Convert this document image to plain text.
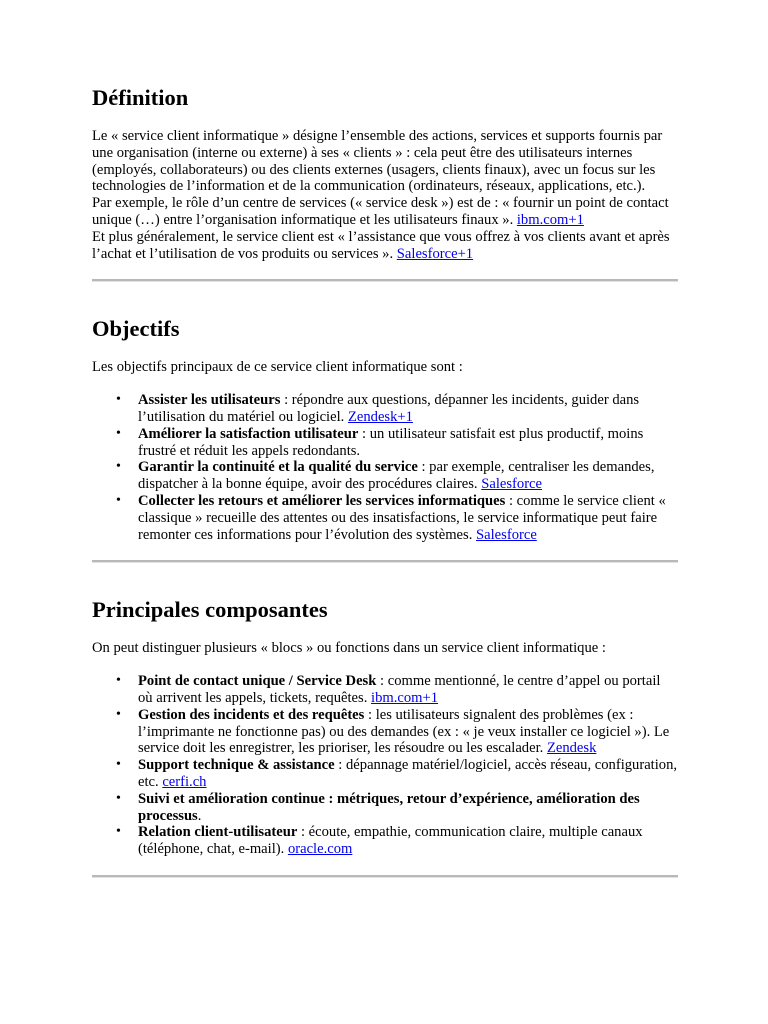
Définition

Le « service client informatique » désigne l’ensemble des actions, services et supports fournis par une organisation (interne ou externe) à ses « clients » : cela peut être des utilisateurs internes (employés, collaborateurs) ou des clients externes (usagers, clients finaux), avec un focus sur les technologies de l’information et de la communication (ordinateurs, réseaux, applications, etc.).
Par exemple, le rôle d’un centre de services (« service desk ») est de : « fournir un point de contact unique (…) entre l’organisation informatique et les utilisateurs finaux ». ibm.com+1
Et plus généralement, le service client est « l’assistance que vous offrez à vos clients avant et après l’achat et l’utilisation de vos produits ou services ». Salesforce+1

Objectifs

Les objectifs principaux de ce service client informatique sont :

• Assister les utilisateurs : répondre aux questions, dépanner les incidents, guider dans l’utilisation du matériel ou logiciel. Zendesk+1
• Améliorer la satisfaction utilisateur : un utilisateur satisfait est plus productif, moins frustré et réduit les appels redondants.
• Garantir la continuité et la qualité du service : par exemple, centraliser les demandes, dispatcher à la bonne équipe, avoir des procédures claires. Salesforce
• Collecter les retours et améliorer les services informatiques : comme le service client « classique » recueille des attentes ou des insatisfactions, le service informatique peut faire remonter ces informations pour l’évolution des systèmes. Salesforce
Principales composantes

On peut distinguer plusieurs « blocs » ou fonctions dans un service client informatique :

• Point de contact unique / Service Desk : comme mentionné, le centre d’appel ou portail où arrivent les appels, tickets, requêtes. ibm.com+1
• Gestion des incidents et des requêtes : les utilisateurs signalent des problèmes (ex : l’imprimante ne fonctionne pas) ou des demandes (ex : « je veux installer ce logiciel »). Le service doit les enregistrer, les prioriser, les résoudre ou les escalader. Zendesk
• Support technique & assistance : dépannage matériel/logiciel, accès réseau, configuration, etc. cerfi.ch
• Suivi et amélioration continue : métriques, retour d’expérience, amélioration des processus.
• Relation client-utilisateur : écoute, empathie, communication claire, multiple canaux (téléphone, chat, e-mail). oracle.com
